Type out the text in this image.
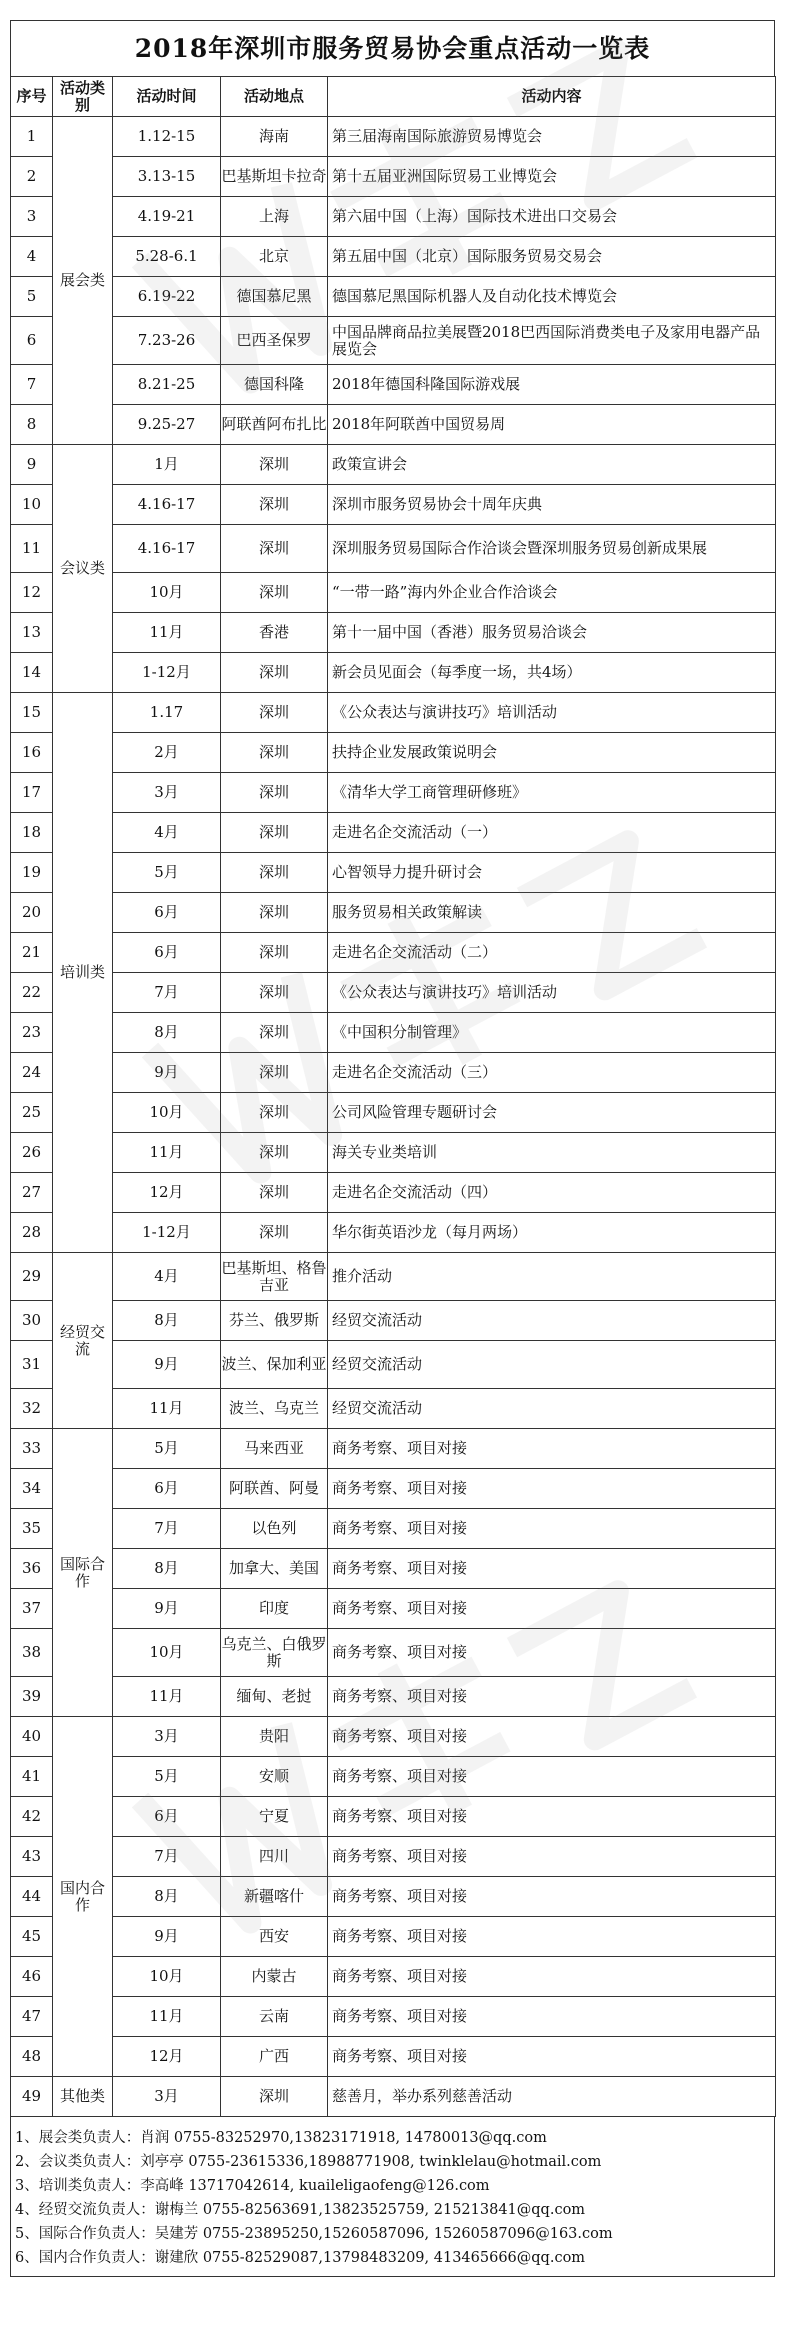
2018年深圳市服务贸易协会重点活动一览表
序号	活动类别	活动时间	活动地点	活动内容
1	展会类	1.12-15	海南	第三届海南国际旅游贸易博览会
2		3.13-15	巴基斯坦卡拉奇	第十五届亚洲国际贸易工业博览会
3		4.19-21	上海	第六届中国（上海）国际技术进出口交易会
4		5.28-6.1	北京	第五届中国（北京）国际服务贸易交易会
5		6.19-22	德国慕尼黑	德国慕尼黑国际机器人及自动化技术博览会
6		7.23-26	巴西圣保罗	中国品牌商品拉美展暨2018巴西国际消费类电子及家用电器产品展览会
7		8.21-25	德国科隆	2018年德国科隆国际游戏展
8		9.25-27	阿联酋阿布扎比	2018年阿联酋中国贸易周
9	会议类	1月	深圳	政策宣讲会
10		4.16-17	深圳	深圳市服务贸易协会十周年庆典
11		4.16-17	深圳	深圳服务贸易国际合作洽谈会暨深圳服务贸易创新成果展
12		10月	深圳	“一带一路”海内外企业合作洽谈会
13		11月	香港	第十一届中国（香港）服务贸易洽谈会
14		1-12月	深圳	新会员见面会（每季度一场，共4场）
15	培训类	1.17	深圳	《公众表达与演讲技巧》培训活动
16		2月	深圳	扶持企业发展政策说明会
17		3月	深圳	《清华大学工商管理研修班》
18		4月	深圳	走进名企交流活动（一）
19		5月	深圳	心智领导力提升研讨会
20		6月	深圳	服务贸易相关政策解读
21		6月	深圳	走进名企交流活动（二）
22		7月	深圳	《公众表达与演讲技巧》培训活动
23		8月	深圳	《中国积分制管理》
24		9月	深圳	走进名企交流活动（三）
25		10月	深圳	公司风险管理专题研讨会
26		11月	深圳	海关专业类培训
27		12月	深圳	走进名企交流活动（四）
28		1-12月	深圳	华尔街英语沙龙（每月两场）
29	经贸交流	4月	巴基斯坦、格鲁吉亚	推介活动
30		8月	芬兰、俄罗斯	经贸交流活动
31		9月	波兰、保加利亚	经贸交流活动
32		11月	波兰、乌克兰	经贸交流活动
33	国际合作	5月	马来西亚	商务考察、项目对接
34		6月	阿联酋、阿曼	商务考察、项目对接
35		7月	以色列	商务考察、项目对接
36		8月	加拿大、美国	商务考察、项目对接
37		9月	印度	商务考察、项目对接
38		10月	乌克兰、白俄罗斯	商务考察、项目对接
39		11月	缅甸、老挝	商务考察、项目对接
40	国内合作	3月	贵阳	商务考察、项目对接
41		5月	安顺	商务考察、项目对接
42		6月	宁夏	商务考察、项目对接
43		7月	四川	商务考察、项目对接
44		8月	新疆喀什	商务考察、项目对接
45		9月	西安	商务考察、项目对接
46		10月	内蒙古	商务考察、项目对接
47		11月	云南	商务考察、项目对接
48		12月	广西	商务考察、项目对接
49	其他类	3月	深圳	慈善月，举办系列慈善活动
1、展会类负责人：肖润 0755-83252970,13823171918, 14780013@qq.com
2、会议类负责人：刘亭亭 0755-23615336,18988771908, twinklelau@hotmail.com
3、培训类负责人：李高峰 13717042614, kuaileligaofeng@126.com
4、经贸交流负责人：谢梅兰 0755-82563691,13823525759, 215213841@qq.com
5、国际合作负责人：吴建芳 0755-23895250,15260587096, 15260587096@163.com
6、国内合作负责人：谢建欣 0755-82529087,13798483209, 413465666@qq.com
